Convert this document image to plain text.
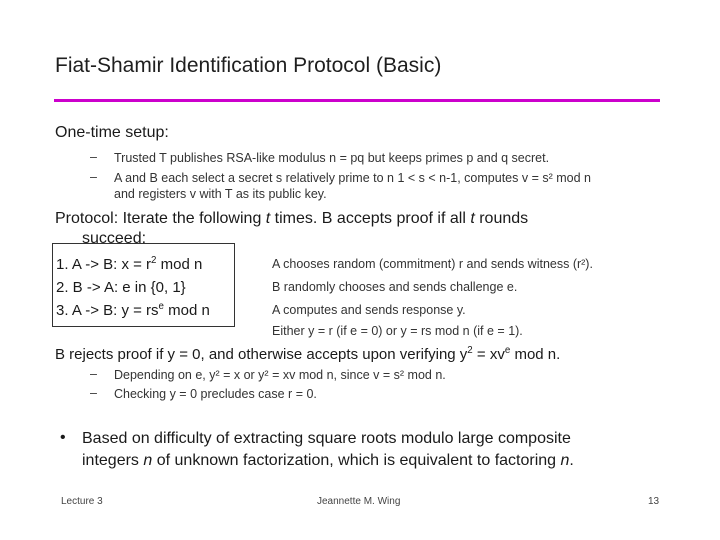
Fiat-Shamir Identification Protocol (Basic)
One-time setup:
– Trusted T publishes RSA-like modulus n = pq but keeps primes p and q secret.
– A and B each select a secret s relatively prime to n 1 < s < n-1, computes v = s² mod n
and registers v with T as its public key.
Protocol: Iterate the following t times. B accepts proof if all t rounds
succeed:
1. A -> B: $x = r^2$ mod n
2. B -> A: e in {0, 1}
3. A -> B: $y = rs^e$ mod n
A chooses random (commitment) r and sends witness (r²).
B randomly chooses and sends challenge e.
A computes and sends response y.
Either y = r (if e = 0) or y = rs mod n (if e = 1).
B rejects proof if y = 0, and otherwise accepts upon verifying $y^2 = xv^e$ mod n.
– Depending on e, y² = x or y² = xv mod n, since v = s² mod n.
– Checking y = 0 precludes case r = 0.
• Based on difficulty of extracting square roots modulo large composite
integers n of unknown factorization, which is equivalent to factoring n.
Lecture 3	Jeannette M. Wing	13
